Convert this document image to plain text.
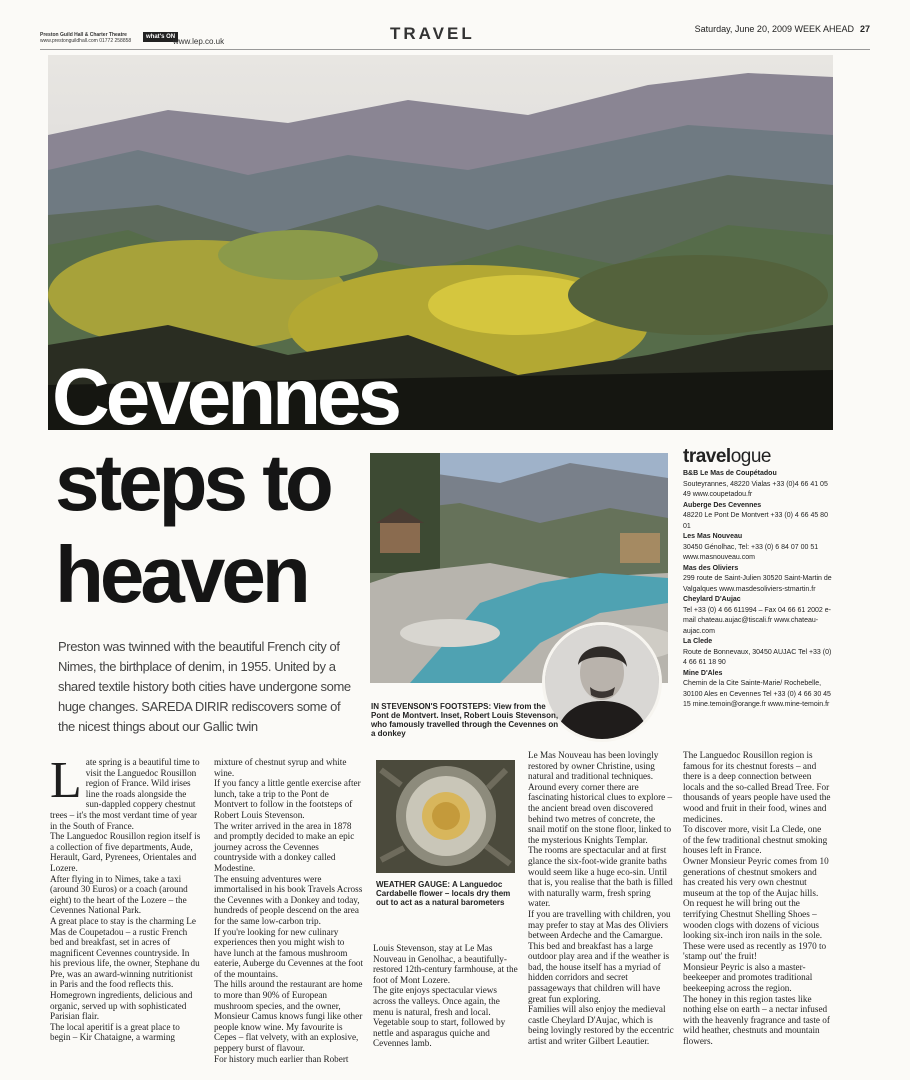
Preston Guild Hall & Charter Theatre
www.prestonguildhall.com 01772 258858
what's ON
www.lep.co.uk	TRAVEL	Saturday, June 20, 2009 WEEK AHEAD 27
Cevennes
steps to
heaven
Preston was twinned with the beautiful French city of Nimes, the birthplace of denim, in 1955. United by a shared textile history both cities have undergone some huge changes. SAREDA DIRIR rediscovers some of the nicest things about our Gallic twin
IN STEVENSON'S FOOTSTEPS: View from the Pont de Montvert. Inset, Robert Louis Stevenson, who famously travelled through the Cevennes on a donkey
WEATHER GAUGE: A Languedoc Cardabelle flower – locals dry them out to act as a natural barometers
travelogue
B&B Le Mas de Coupétadou
Souteyrannes, 48220 Vialas +33 (0)4 66 41 05 49 www.coupetadou.fr
Auberge Des Cevennes
48220 Le Pont De Montvert +33 (0) 4 66 45 80 01
Les Mas Nouveau
30450 Génolhac, Tel: +33 (0) 6 84 07 00 51 www.masnouveau.com
Mas des Oliviers
299 route de Saint-Julien 30520 Saint-Martin de Valgalques www.masdesoliviers-stmartin.fr
Cheylard D'Aujac
Tel +33 (0) 4 66 611994 – Fax 04 66 61 2002 e-mail chateau.aujac@tiscali.fr www.chateau-aujac.com
La Clede
Route de Bonnevaux, 30450 AUJAC Tel +33 (0) 4 66 61 18 90
Mine D'Ales
Chemin de la Cite Sainte-Marie/ Rochebelle, 30100 Ales en Cevennes Tel +33 (0) 4 66 30 45 15 mine.temoin@orange.fr www.mine-temoin.fr
L ate spring is a beautiful time to visit the Languedoc Rousillon region of France. Wild irises line the roads alongside the sun-dappled coppery chestnut trees – it's the most verdant time of year in the South of France.

The Languedoc Rousillon region itself is a collection of five departments, Aude, Herault, Gard, Pyrenees, Orientales and Lozere.

After flying in to Nimes, take a taxi (around 30 Euros) or a coach (around eight) to the heart of the Lozere – the Cevennes National Park.

A great place to stay is the charming Le Mas de Coupetadou – a rustic French bed and breakfast, set in acres of magnificent Cevennes countryside. In his previous life, the owner, Stephane du Pre, was an award-winning nutritionist in Paris and the food reflects this. Homegrown ingredients, delicious and organic, served up with sophisticated Parisian flair.

The local aperitif is a great place to begin – Kir Chataigne, a warming

mixture of chestnut syrup and white wine.

If you fancy a little gentle exercise after lunch, take a trip to the Pont de Montvert to follow in the footsteps of Robert Louis Stevenson.

The writer arrived in the area in 1878 and promptly decided to make an epic journey across the Cevennes countryside with a donkey called Modestine.

The ensuing adventures were immortalised in his book Travels Across the Cevennes with a Donkey and today, hundreds of people descend on the area for the same low-carbon trip.

If you're looking for new culinary experiences then you might wish to have lunch at the famous mushroom eaterie, Auberge du Cevennes at the foot of the mountains.

The hills around the restaurant are home to more than 90% of European mushroom species, and the owner, Monsieur Camus knows fungi like other people know wine. My favourite is Cepes – flat velvety, with an explosive, peppery burst of flavour.

For history much earlier than Robert

Louis Stevenson, stay at Le Mas Nouveau in Genolhac, a beautifully-restored 12th-century farmhouse, at the foot of Mont Lozere.

The gite enjoys spectacular views across the valleys. Once again, the menu is natural, fresh and local. Vegetable soup to start, followed by nettle and asparagus quiche and Cevennes lamb.

Le Mas Nouveau has been lovingly restored by owner Christine, using natural and traditional techniques.

Around every corner there are fascinating historical clues to explore – the ancient bread oven discovered behind two metres of concrete, the snail motif on the stone floor, linked to the mysterious Knights Templar.

The rooms are spectacular and at first glance the six-foot-wide granite baths would seem like a huge eco-sin. Until that is, you realise that the bath is filled with naturally warm, fresh spring water.

If you are travelling with children, you may prefer to stay at Mas des Oliviers between Ardeche and the Camargue. This bed and breakfast has a large outdoor play area and if the weather is bad, the house itself has a myriad of hidden corridors and secret passageways that children will have great fun exploring.

Families will also enjoy the medieval castle Cheylard D'Aujac, which is being lovingly restored by the eccentric artist and writer Gilbert Leautier.

The Languedoc Rousillon region is famous for its chestnut forests – and there is a deep connection between locals and the so-called Bread Tree. For thousands of years people have used the wood and fruit in their food, wines and medicines.

To discover more, visit La Clede, one of the few traditional chestnut smoking houses left in France.

Owner Monsieur Peyric comes from 10 generations of chestnut smokers and has created his very own chestnut museum at the top of the Aujac hills.

On request he will bring out the terrifying Chestnut Shelling Shoes – wooden clogs with dozens of vicious looking six-inch iron nails in the sole. These were used as recently as 1970 to 'stamp out' the fruit!

Monsieur Peyric is also a master-beekeeper and promotes traditional beekeeping across the region.

The honey in this region tastes like nothing else on earth – a nectar infused with the heavenly fragrance and taste of wild heather, chestnuts and mountain flowers.
